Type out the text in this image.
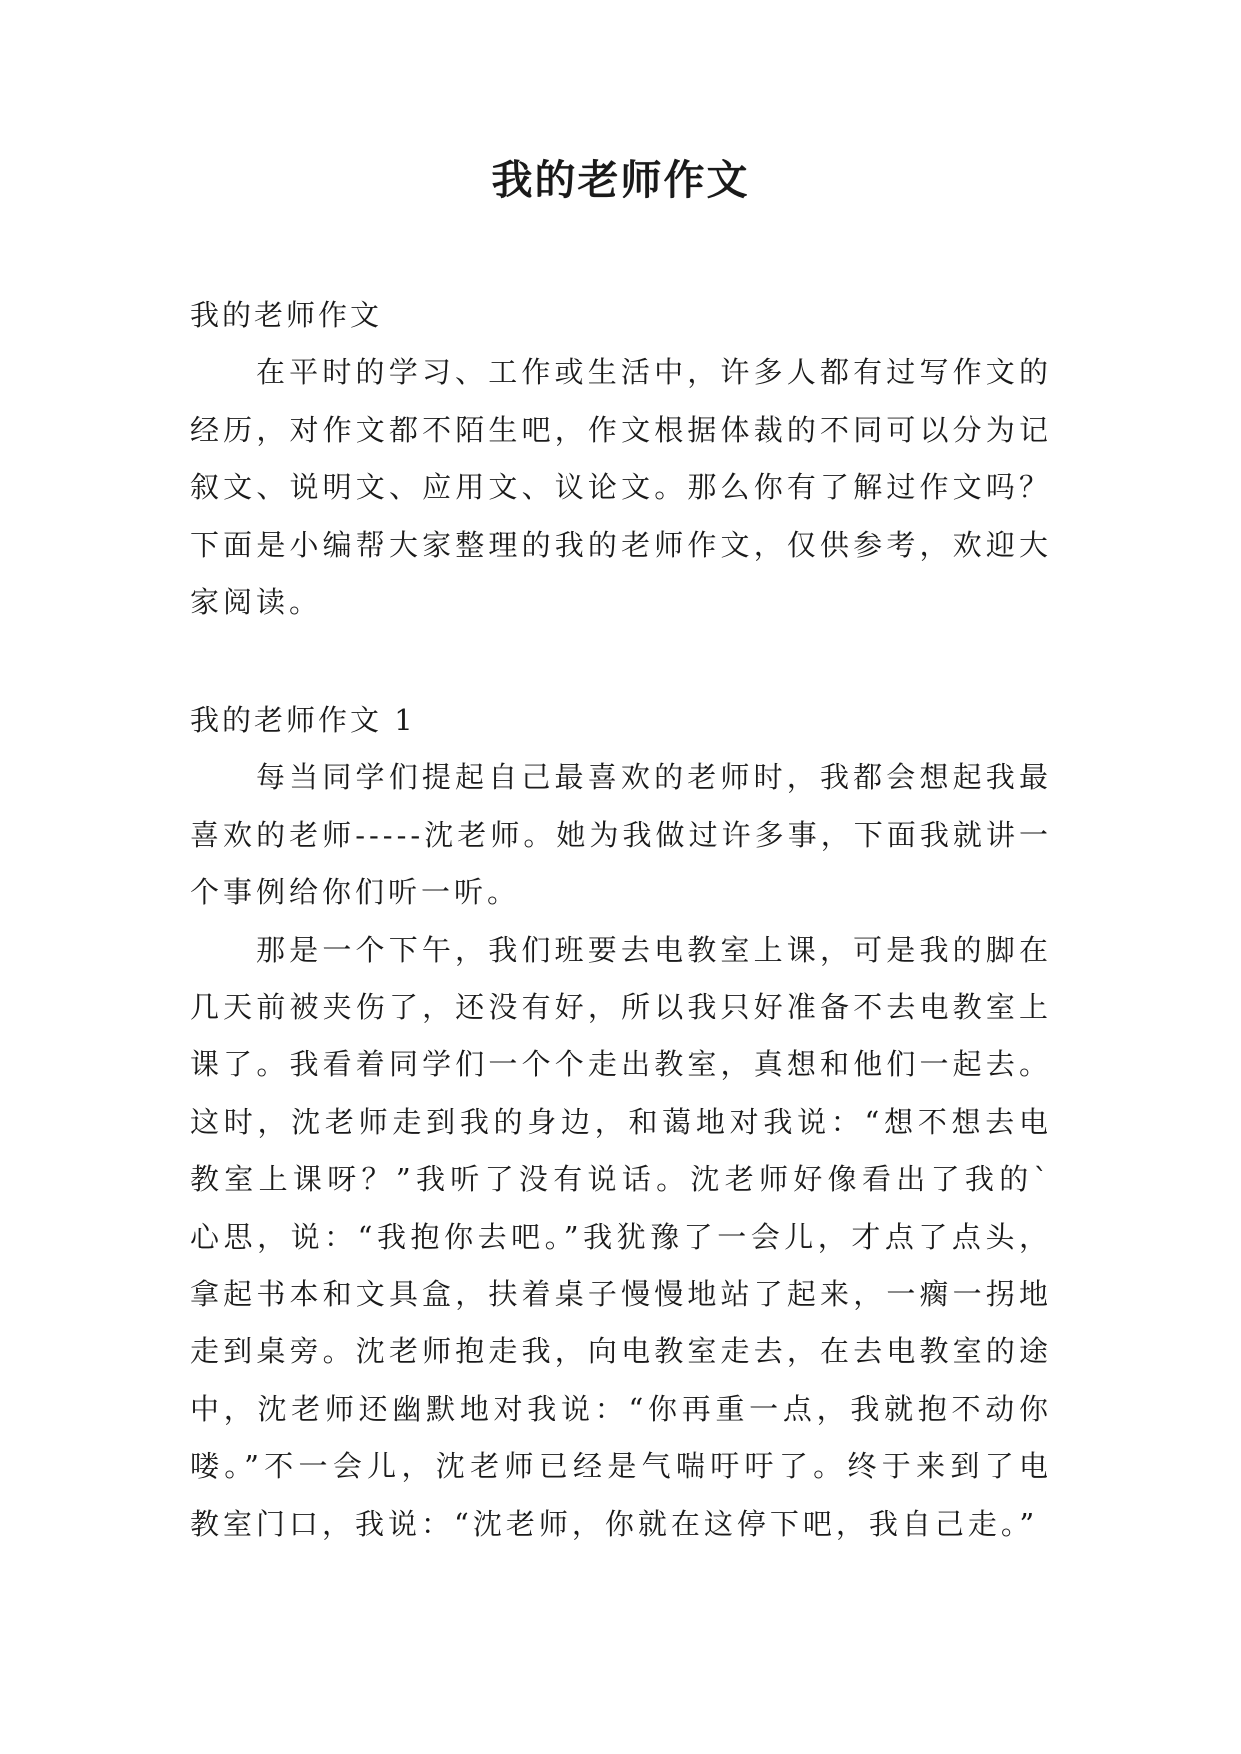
我的老师作文

我的老师作文

在平时的学习、工作或生活中，许多人都有过写作文的经历，对作文都不陌生吧，作文根据体裁的不同可以分为记叙文、说明文、应用文、议论文。那么你有了解过作文吗？下面是小编帮大家整理的我的老师作文，仅供参考，欢迎大家阅读。

我的老师作文 1

每当同学们提起自己最喜欢的老师时，我都会想起我最喜欢的老师-----沈老师。她为我做过许多事，下面我就讲一个事例给你们听一听。

那是一个下午，我们班要去电教室上课，可是我的脚在几天前被夹伤了，还没有好，所以我只好准备不去电教室上课了。我看着同学们一个个走出教室，真想和他们一起去。这时，沈老师走到我的身边，和蔼地对我说：“想不想去电教室上课呀？”我听了没有说话。沈老师好像看出了我的`心思，说：“我抱你去吧。”我犹豫了一会儿，才点了点头，拿起书本和文具盒，扶着桌子慢慢地站了起来，一瘸一拐地走到桌旁。沈老师抱走我，向电教室走去，在去电教室的途中，沈老师还幽默地对我说：“你再重一点，我就抱不动你喽。”不一会儿，沈老师已经是气喘吁吁了。终于来到了电教室门口，我说：“沈老师，你就在这停下吧，我自己走。”
